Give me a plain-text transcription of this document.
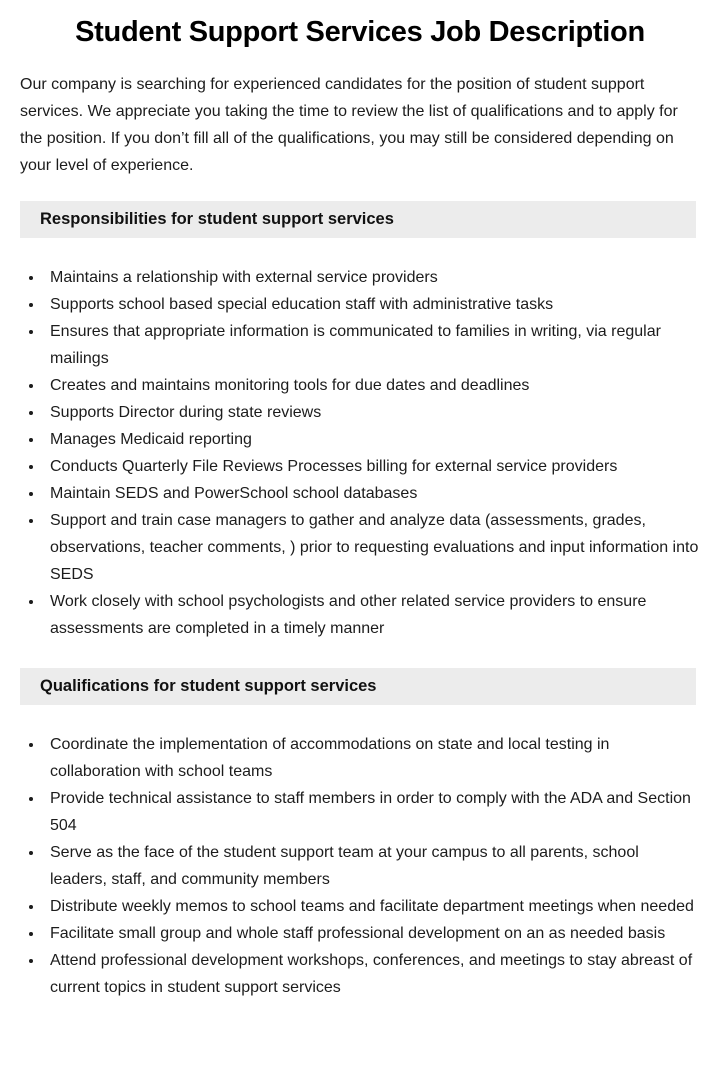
Student Support Services Job Description

Our company is searching for experienced candidates for the position of student support services. We appreciate you taking the time to review the list of qualifications and to apply for the position. If you don’t fill all of the qualifications, you may still be considered depending on your level of experience.

Responsibilities for student support services
• Maintains a relationship with external service providers
• Supports school based special education staff with administrative tasks
• Ensures that appropriate information is communicated to families in writing, via regular mailings
• Creates and maintains monitoring tools for due dates and deadlines
• Supports Director during state reviews
• Manages Medicaid reporting
• Conducts Quarterly File Reviews Processes billing for external service providers
• Maintain SEDS and PowerSchool school databases
• Support and train case managers to gather and analyze data (assessments, grades, observations, teacher comments, ) prior to requesting evaluations and input information into SEDS
• Work closely with school psychologists and other related service providers to ensure assessments are completed in a timely manner
Qualifications for student support services
• Coordinate the implementation of accommodations on state and local testing in collaboration with school teams
• Provide technical assistance to staff members in order to comply with the ADA and Section 504
• Serve as the face of the student support team at your campus to all parents, school leaders, staff, and community members
• Distribute weekly memos to school teams and facilitate department meetings when needed
• Facilitate small group and whole staff professional development on an as needed basis
• Attend professional development workshops, conferences, and meetings to stay abreast of current topics in student support services
